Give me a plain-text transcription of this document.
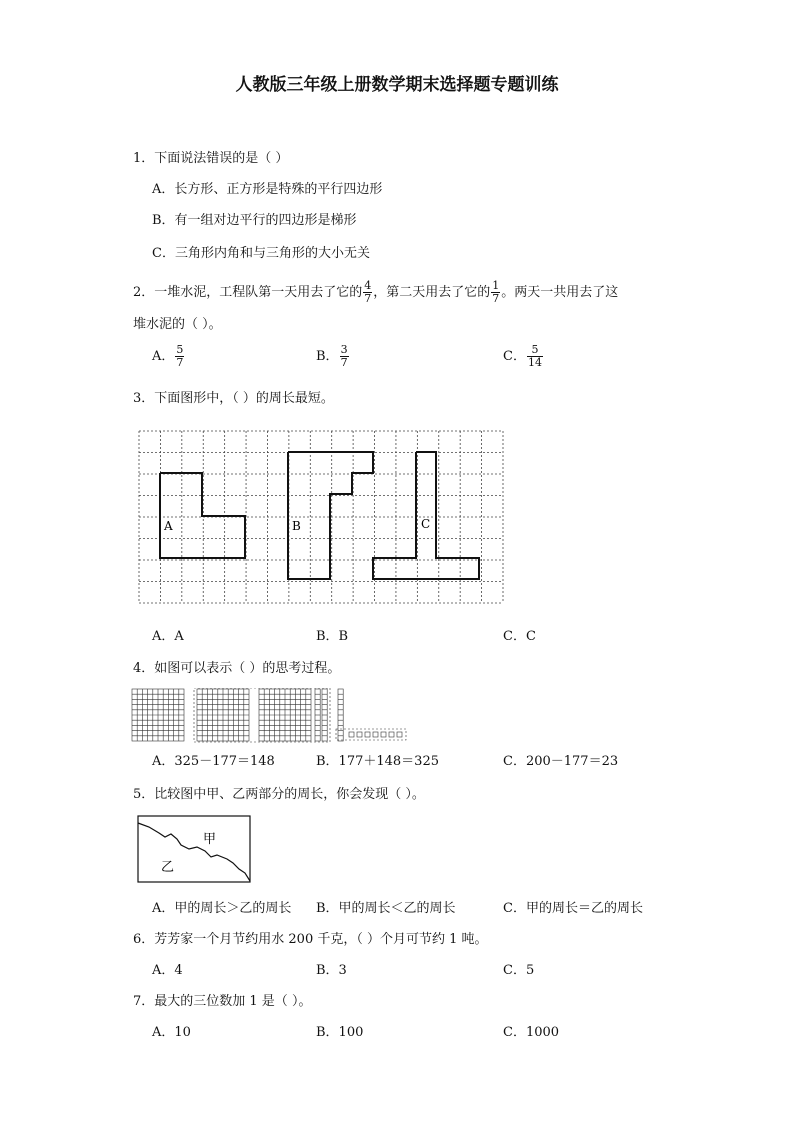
人教版三年级上册数学期末选择题专题训练
1．下面说法错误的是（ ）
A．长方形、正方形是特殊的平行四边形
B．有一组对边平行的四边形是梯形
C．三角形内角和与三角形的大小无关
2．一堆水泥，工程队第一天用去了它的 $\frac{4}{7}$ ，第二天用去了它的 $\frac{1}{7}$ 。两天一共用去了这
堆水泥的（ ）。
A． $\frac{5}{7}$	B． $\frac{3}{7}$	C． $\frac{5}{14}$
3．下面图形中，（ ）的周长最短。
A	B	C
A．A	B．B	C．C
4．如图可以表示（ ）的思考过程。
A．325－177＝148	B．177＋148＝325	C．200－177＝23
5．比较图中甲、乙两部分的周长，你会发现（ ）。
甲
乙
A．甲的周长＞乙的周长 B．甲的周长＜乙的周长	C．甲的周长＝乙的周长
6．芳芳家一个月节约用水 200 千克，（ ）个月可节约 1 吨。
A．4	B．3	C．5
7．最大的三位数加 1 是（ ）。
A．10	B．100	C．1000
